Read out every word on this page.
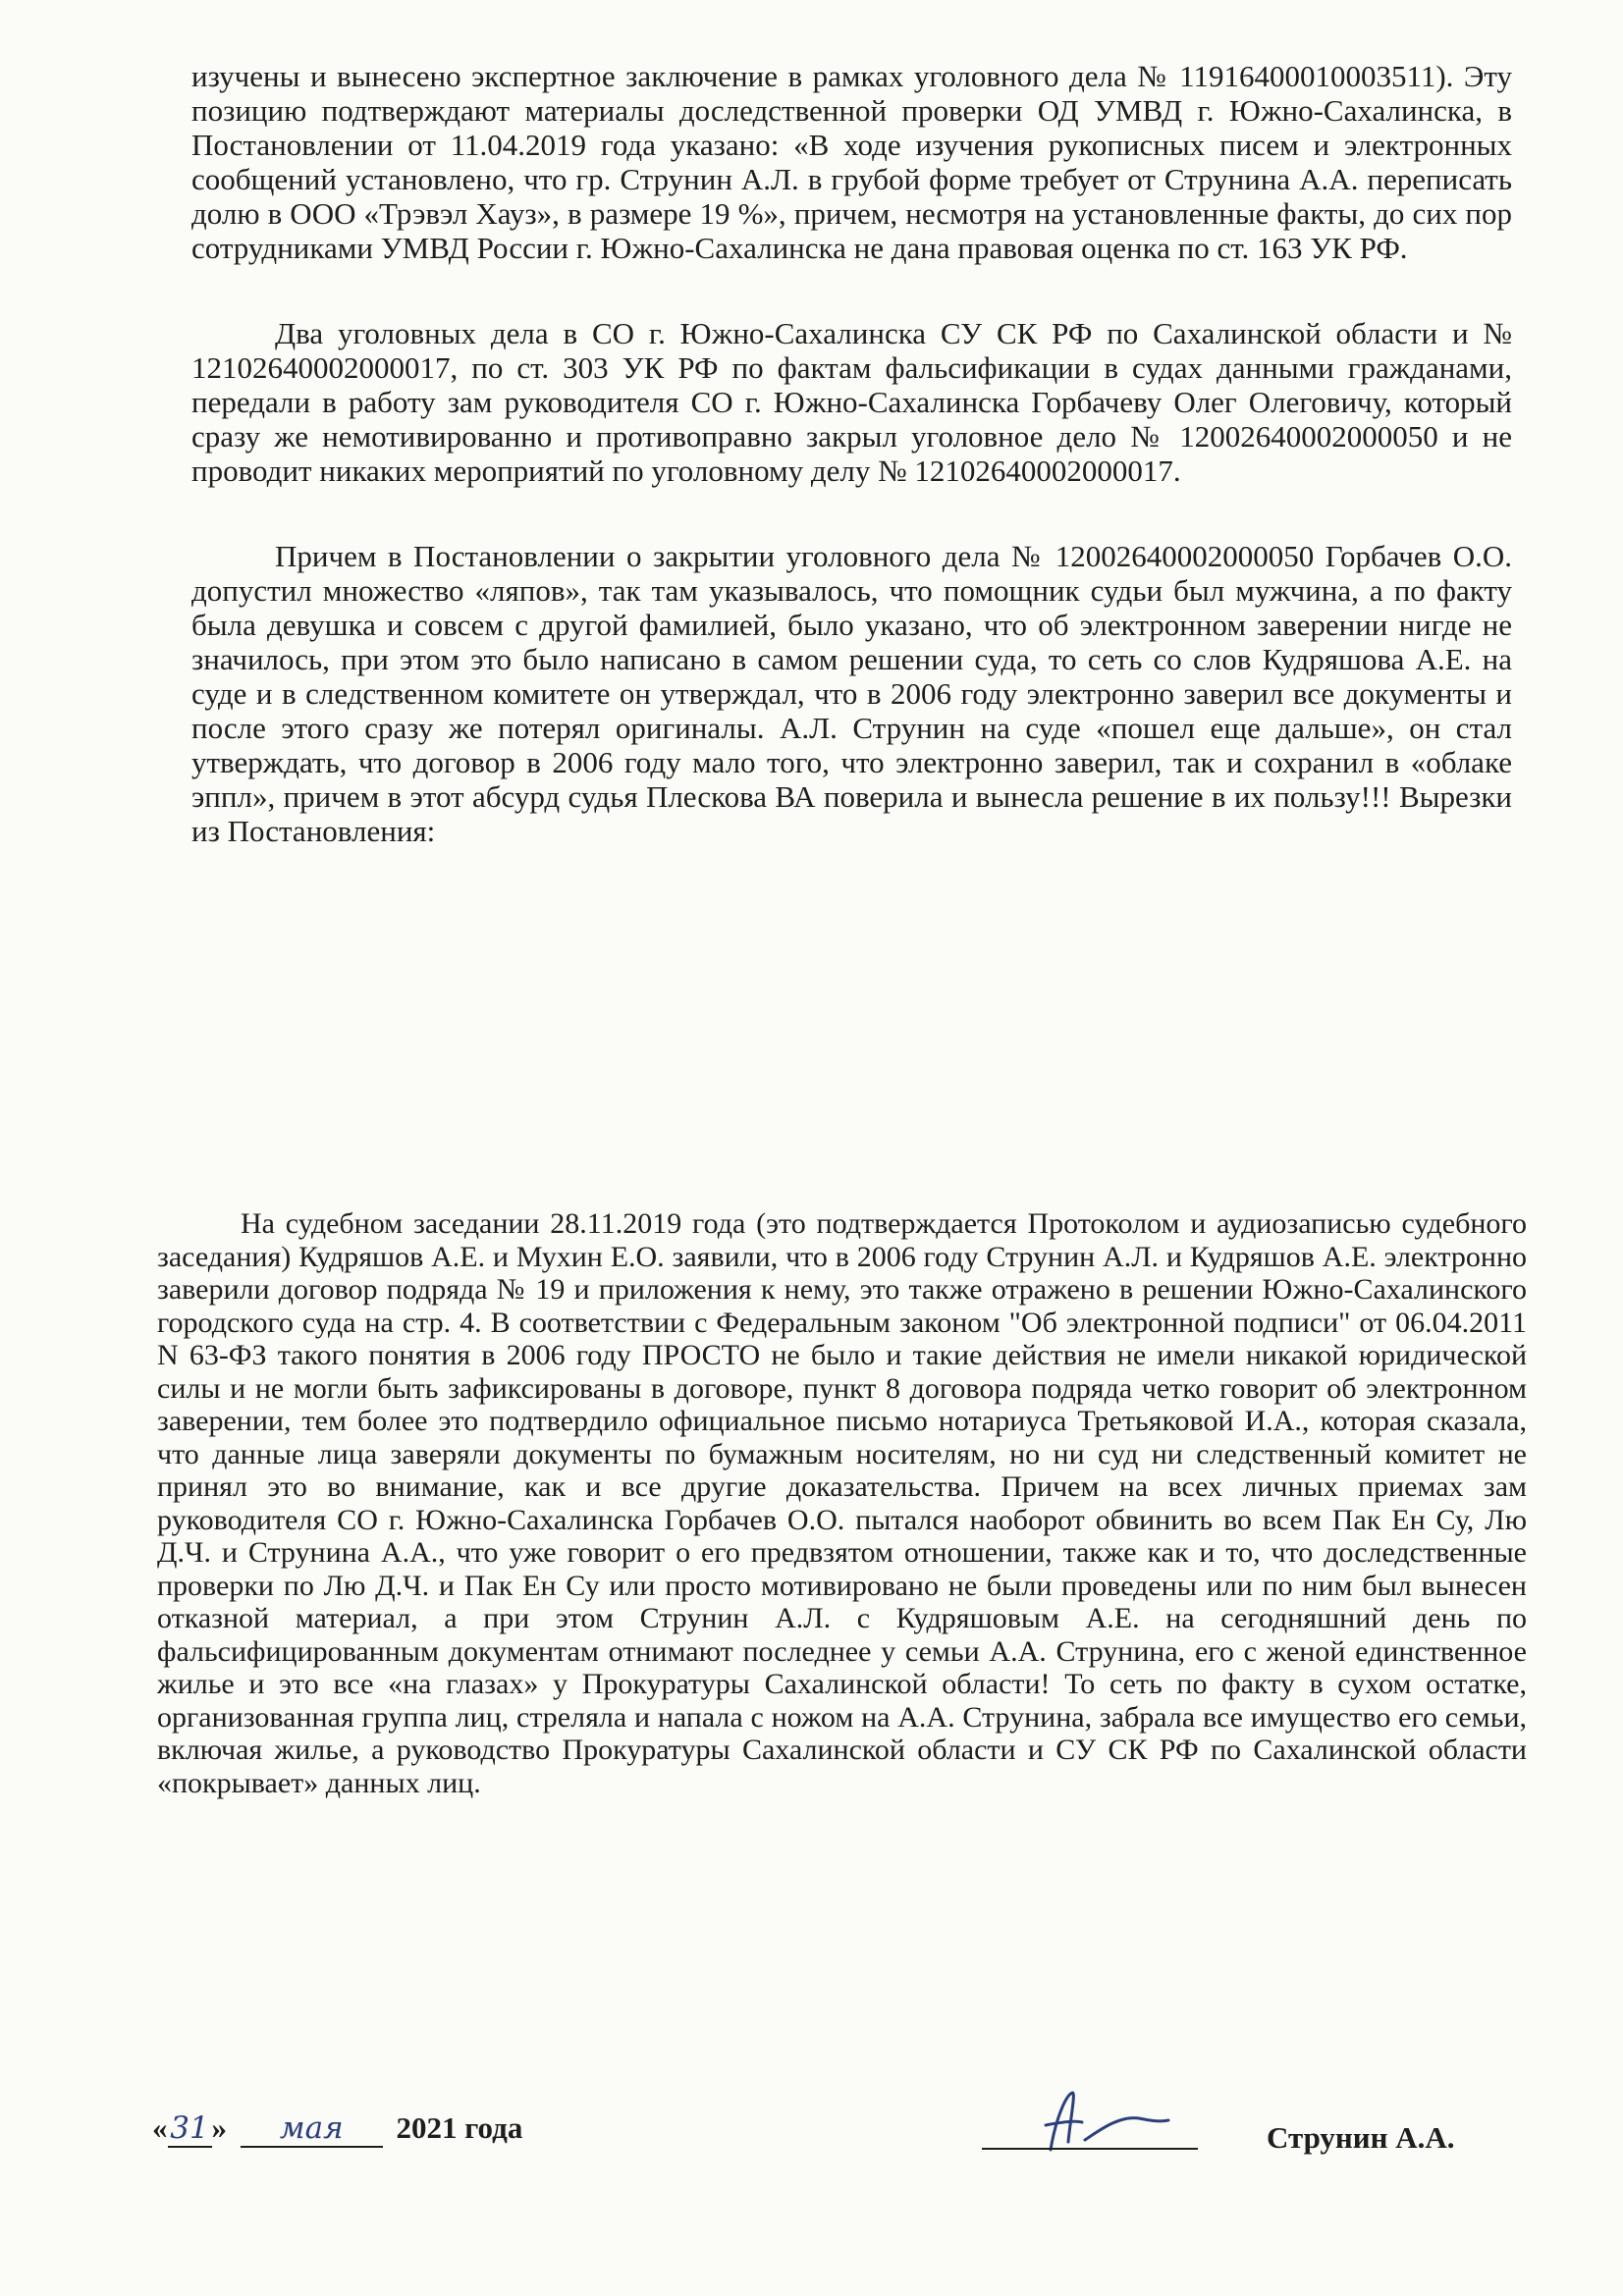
изучены и вынесено экспертное заключение в рамках уголовного дела № 11916400010003511). Эту позицию подтверждают материалы доследственной проверки ОД УМВД г. Южно-Сахалинска, в Постановлении от 11.04.2019 года указано: «В ходе изучения рукописных писем и электронных сообщений установлено, что гр. Струнин А.Л. в грубой форме требует от Струнина А.А. переписать долю в ООО «Трэвэл Хауз», в размере 19 %», причем, несмотря на установленные факты, до сих пор сотрудниками УМВД России г. Южно-Сахалинска не дана правовая оценка по ст. 163 УК РФ.

Два уголовных дела в СО г. Южно-Сахалинска СУ СК РФ по Сахалинской области и № 12102640002000017, по ст. 303 УК РФ по фактам фальсификации в судах данными гражданами, передали в работу зам руководителя СО г. Южно-Сахалинска Горбачеву Олег Олеговичу, который сразу же немотивированно и противоправно закрыл уголовное дело № 12002640002000050 и не проводит никаких мероприятий по уголовному делу № 12102640002000017.

Причем в Постановлении о закрытии уголовного дела № 12002640002000050 Горбачев О.О. допустил множество «ляпов», так там указывалось, что помощник судьи был мужчина, а по факту была девушка и совсем с другой фамилией, было указано, что об электронном заверении нигде не значилось, при этом это было написано в самом решении суда, то сеть со слов Кудряшова А.Е. на суде и в следственном комитете он утверждал, что в 2006 году электронно заверил все документы и после этого сразу же потерял оригиналы. А.Л. Струнин на суде «пошел еще дальше», он стал утверждать, что договор в 2006 году мало того, что электронно заверил, так и сохранил в «облаке эппл», причем в этот абсурд судья Плескова ВА поверила и вынесла решение в их пользу!!! Вырезки из Постановления:

На судебном заседании 28.11.2019 года (это подтверждается Протоколом и аудиозаписью судебного заседания) Кудряшов А.Е. и Мухин Е.О. заявили, что в 2006 году Струнин А.Л. и Кудряшов А.Е. электронно заверили договор подряда № 19 и приложения к нему, это также отражено в решении Южно-Сахалинского городского суда на стр. 4. В соответствии с Федеральным законом "Об электронной подписи" от 06.04.2011 N 63-ФЗ такого понятия в 2006 году ПРОСТО не было и такие действия не имели никакой юридической силы и не могли быть зафиксированы в договоре, пункт 8 договора подряда четко говорит об электронном заверении, тем более это подтвердило официальное письмо нотариуса Третьяковой И.А., которая сказала, что данные лица заверяли документы по бумажным носителям, но ни суд ни следственный комитет не принял это во внимание, как и все другие доказательства. Причем на всех личных приемах зам руководителя СО г. Южно-Сахалинска Горбачев О.О. пытался наоборот обвинить во всем Пак Ен Су, Лю Д.Ч. и Струнина А.А., что уже говорит о его предвзятом отношении, также как и то, что доследственные проверки по Лю Д.Ч. и Пак Ен Су или просто мотивировано не были проведены или по ним был вынесен отказной материал, а при этом Струнин А.Л. с Кудряшовым А.Е. на сегодняшний день по фальсифицированным документам отнимают последнее у семьи А.А. Струнина, его с женой единственное жилье и это все «на глазах» у Прокуратуры Сахалинской области! То сеть по факту в сухом остатке, организованная группа лиц, стреляла и напала с ножом на А.А. Струнина, забрала все имущество его семьи, включая жилье, а руководство Прокуратуры Сахалинской области и СУ СК РФ по Сахалинской области «покрывает» данных лиц.

«31» мая 2021 года	Струнин А.А.
